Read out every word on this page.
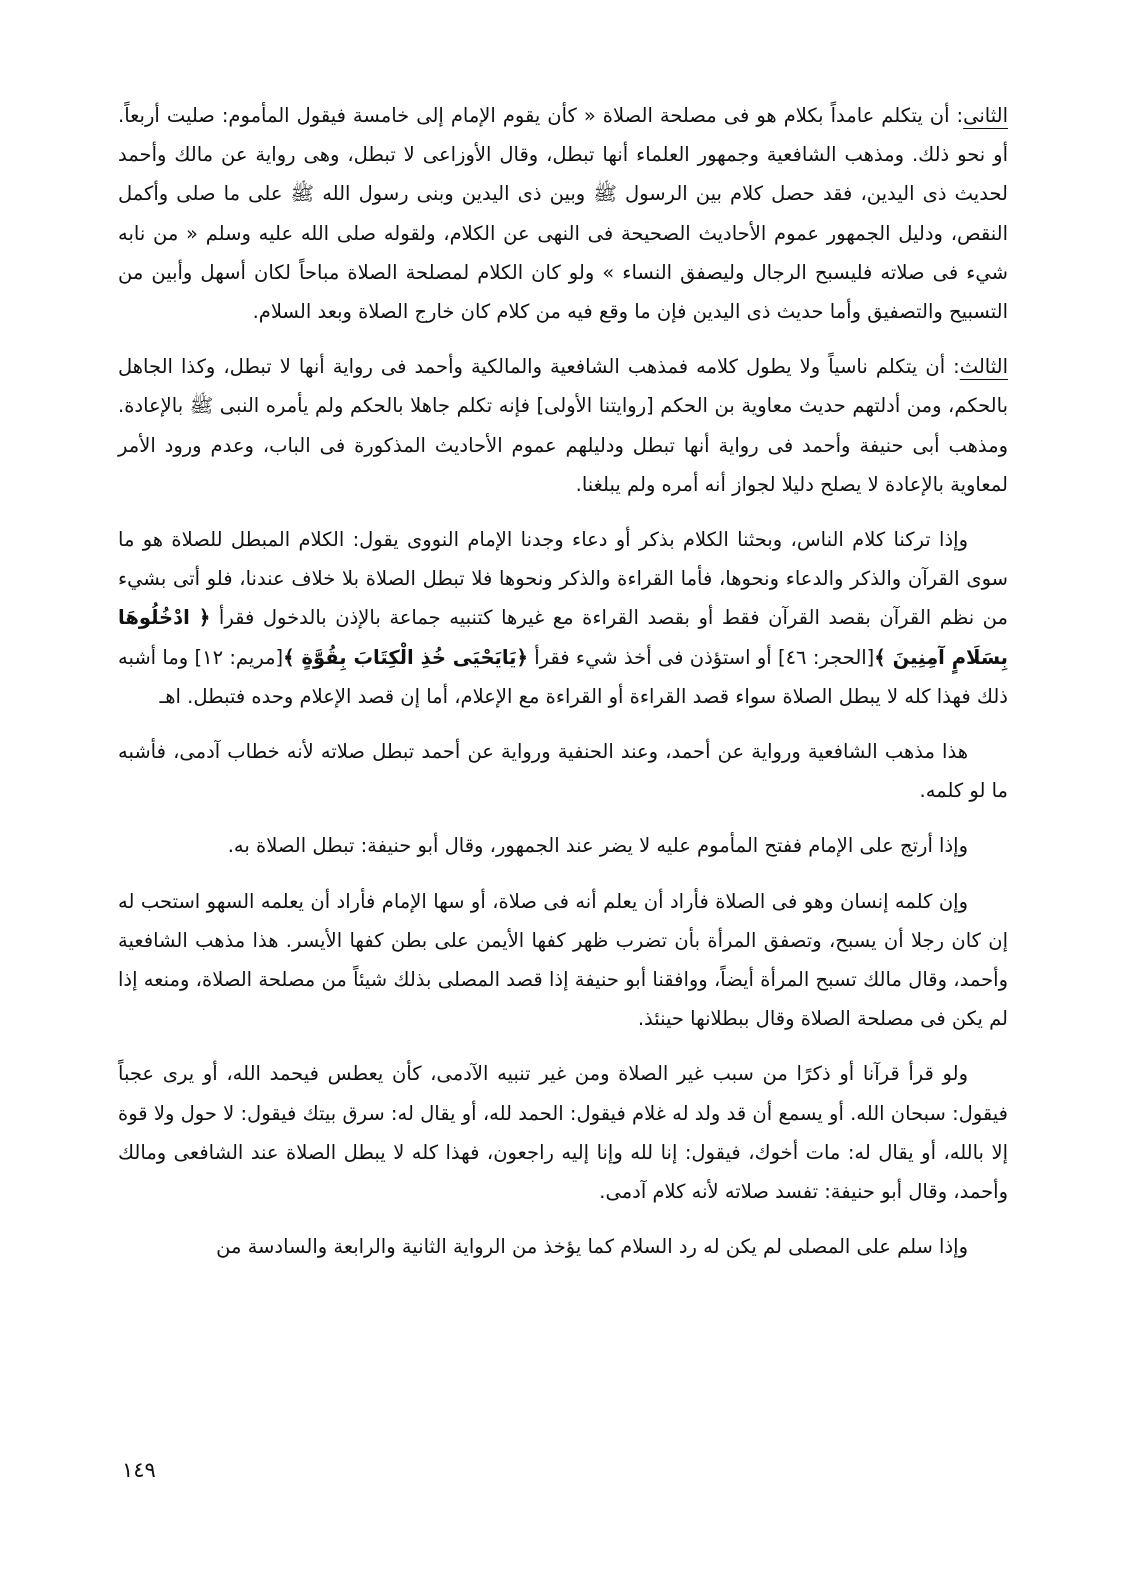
الثانى: أن يتكلم عامداً بكلام هو فى مصلحة الصلاة « كأن يقوم الإمام إلى خامسة فيقول المأموم: صليت أربعاً. أو نحو ذلك. ومذهب الشافعية وجمهور العلماء أنها تبطل، وقال الأوزاعى لا تبطل، وهى رواية عن مالك وأحمد لحديث ذى اليدين، فقد حصل كلام بين الرسول ﷺ وبين ذى اليدين وبنى رسول الله ﷺ على ما صلى وأكمل النقص، ودليل الجمهور عموم الأحاديث الصحيحة فى النهى عن الكلام، ولقوله صلى الله عليه وسلم « من نابه شيء فى صلاته فليسبح الرجال وليصفق النساء » ولو كان الكلام لمصلحة الصلاة مباحاً لكان أسهل وأبين من التسبيح والتصفيق وأما حديث ذى اليدين فإن ما وقع فيه من كلام كان خارج الصلاة وبعد السلام.

الثالث: أن يتكلم ناسياً ولا يطول كلامه فمذهب الشافعية والمالكية وأحمد فى رواية أنها لا تبطل، وكذا الجاهل بالحكم، ومن أدلتهم حديث معاوية بن الحكم [روايتنا الأولى] فإنه تكلم جاهلا بالحكم ولم يأمره النبى ﷺ بالإعادة. ومذهب أبى حنيفة وأحمد فى رواية أنها تبطل ودليلهم عموم الأحاديث المذكورة فى الباب، وعدم ورود الأمر لمعاوية بالإعادة لا يصلح دليلا لجواز أنه أمره ولم يبلغنا.

وإذا تركنا كلام الناس، وبحثنا الكلام بذكر أو دعاء وجدنا الإمام النووى يقول: الكلام المبطل للصلاة هو ما سوى القرآن والذكر والدعاء ونحوها، فأما القراءة والذكر ونحوها فلا تبطل الصلاة بلا خلاف عندنا، فلو أتى بشيء من نظم القرآن بقصد القرآن فقط أو بقصد القراءة مع غيرها كتنبيه جماعة بالإذن بالدخول فقرأ ﴿ ادْخُلُوهَا بِسَلَامٍ آمِنِينَ ﴾[الحجر: ٤٦] أو استؤذن فى أخذ شيء فقرأ ﴿يَايَحْيَى خُذِ الْكِتَابَ بِقُوَّةٍ ﴾[مريم: ١٢] وما أشبه ذلك فهذا كله لا يبطل الصلاة سواء قصد القراءة أو القراءة مع الإعلام، أما إن قصد الإعلام وحده فتبطل. اهـ

هذا مذهب الشافعية ورواية عن أحمد، وعند الحنفية ورواية عن أحمد تبطل صلاته لأنه خطاب آدمى، فأشبه ما لو كلمه.

وإذا أرتج على الإمام ففتح المأموم عليه لا يضر عند الجمهور، وقال أبو حنيفة: تبطل الصلاة به.

وإن كلمه إنسان وهو فى الصلاة فأراد أن يعلم أنه فى صلاة، أو سها الإمام فأراد أن يعلمه السهو استحب له إن كان رجلا أن يسبح، وتصفق المرأة بأن تضرب ظهر كفها الأيمن على بطن كفها الأيسر. هذا مذهب الشافعية وأحمد، وقال مالك تسبح المرأة أيضاً، ووافقنا أبو حنيفة إذا قصد المصلى بذلك شيئاً من مصلحة الصلاة، ومنعه إذا لم يكن فى مصلحة الصلاة وقال ببطلانها حينئذ.

ولو قرأ قرآنا أو ذكرًا من سبب غير الصلاة ومن غير تنبيه الآدمى، كأن يعطس فيحمد الله، أو يرى عجباً فيقول: سبحان الله. أو يسمع أن قد ولد له غلام فيقول: الحمد لله، أو يقال له: سرق بيتك فيقول: لا حول ولا قوة إلا بالله، أو يقال له: مات أخوك، فيقول: إنا لله وإنا إليه راجعون، فهذا كله لا يبطل الصلاة عند الشافعى ومالك وأحمد، وقال أبو حنيفة: تفسد صلاته لأنه كلام آدمى.

وإذا سلم على المصلى لم يكن له رد السلام كما يؤخذ من الرواية الثانية والرابعة والسادسة من

١٤٩
